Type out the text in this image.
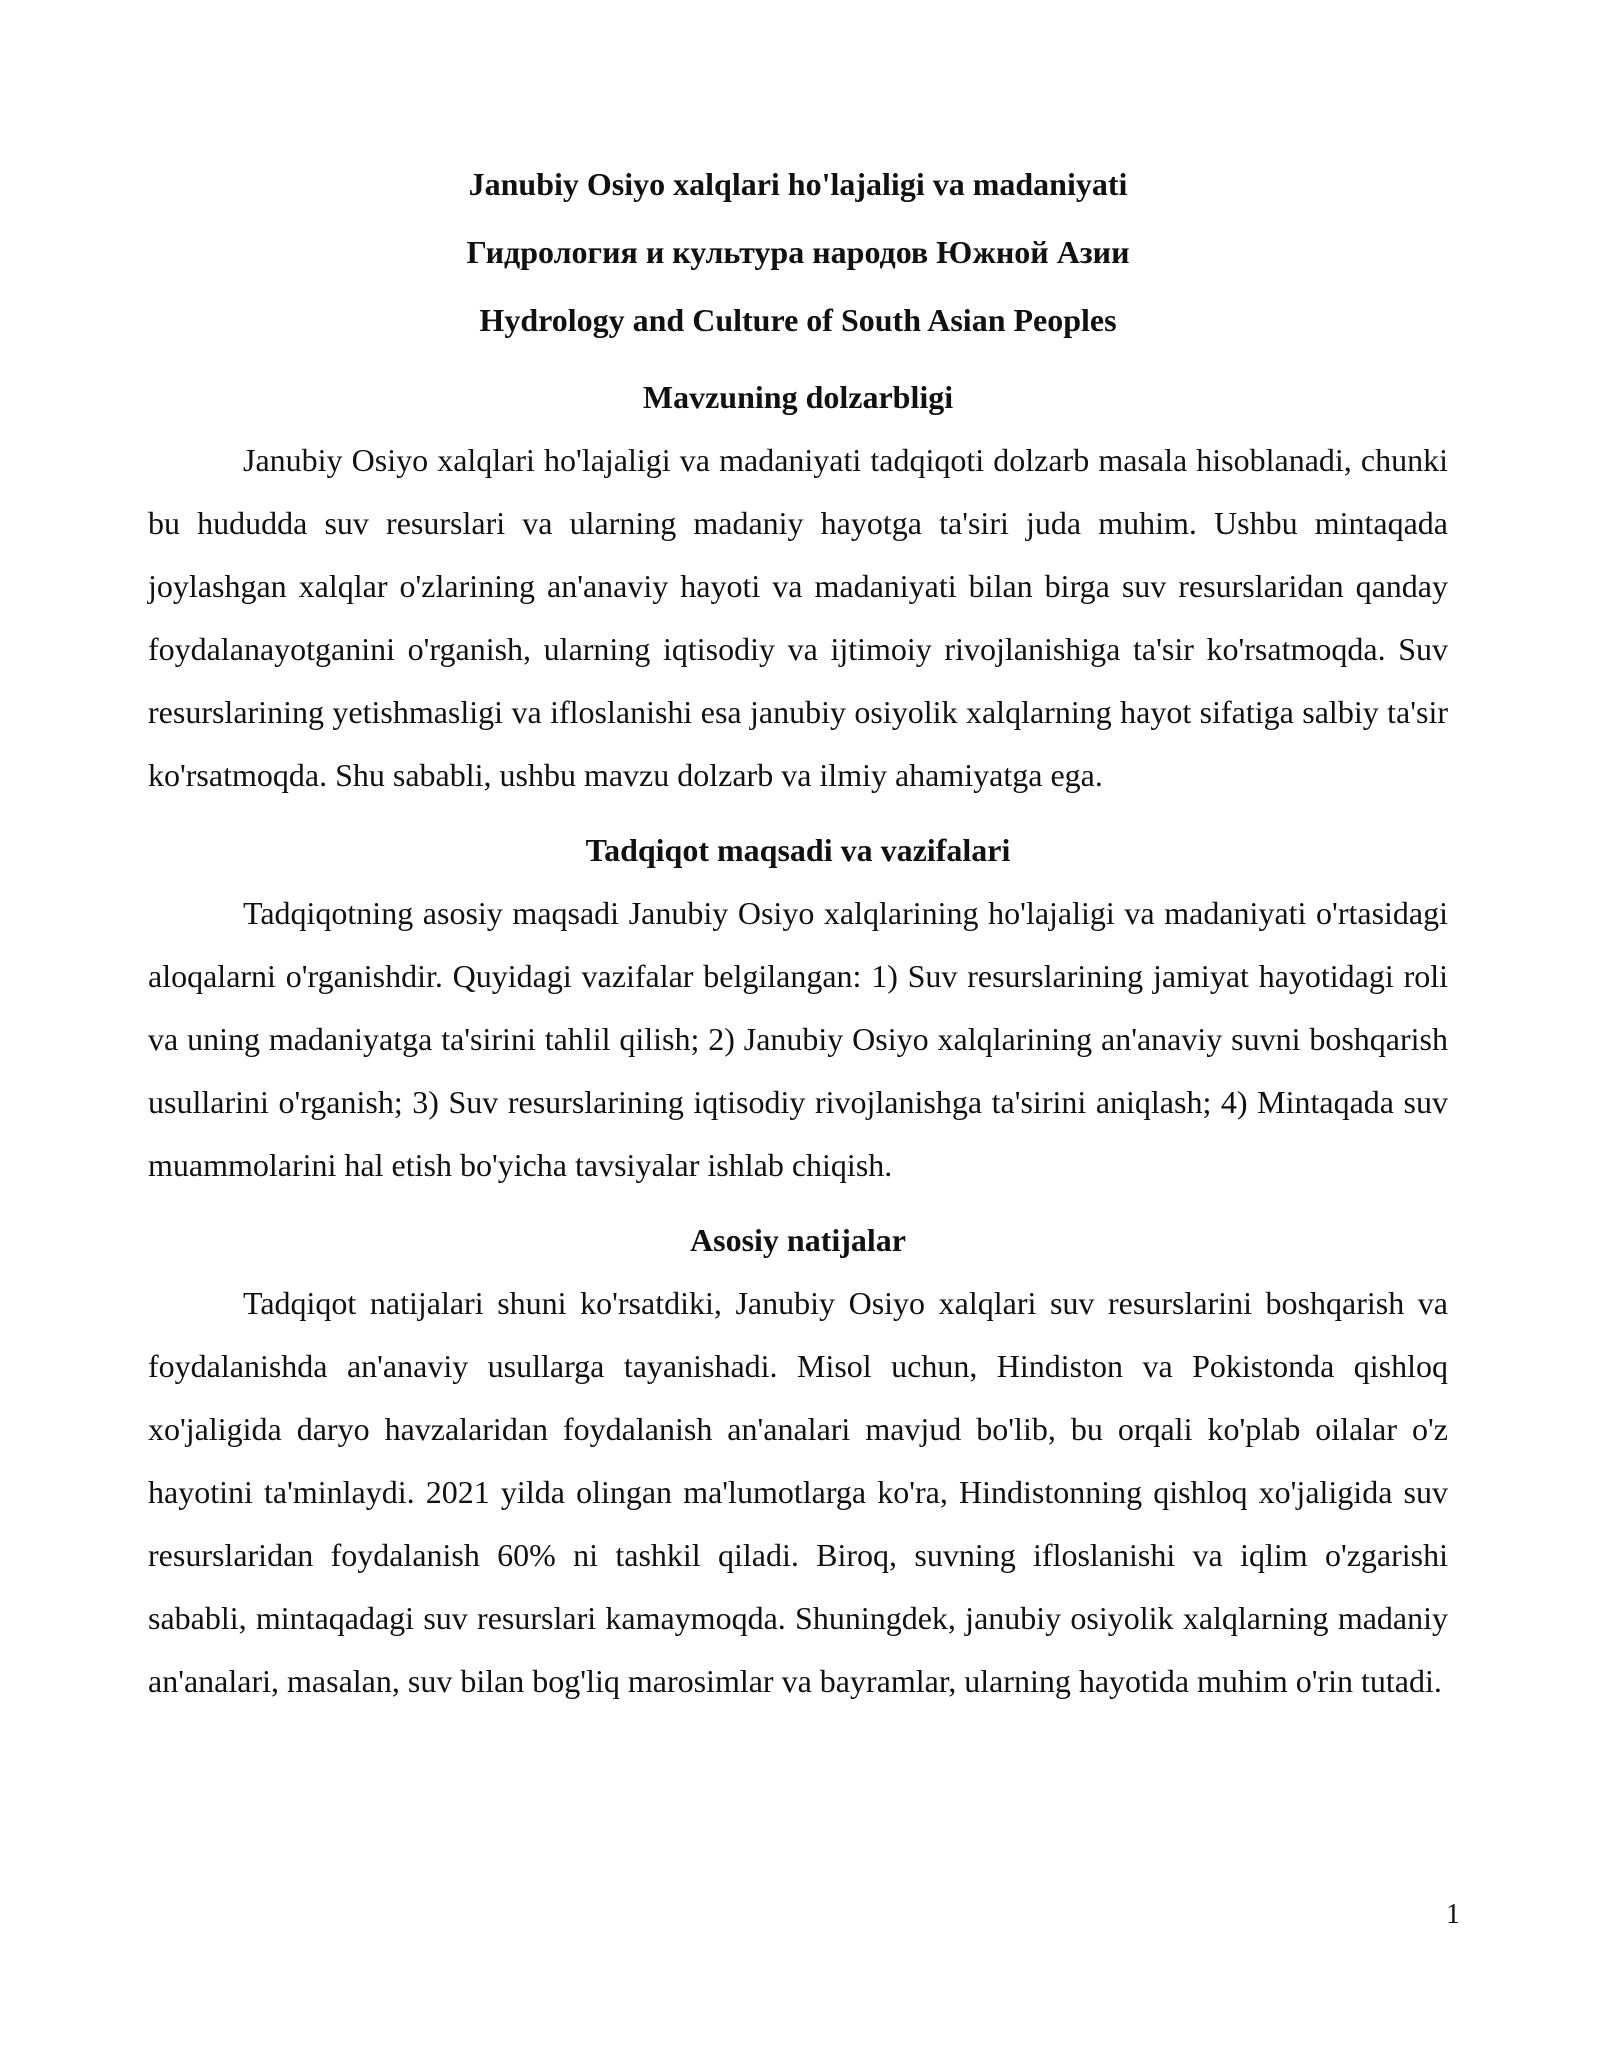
Janubiy Osiyo xalqlari ho'lajaligi va madaniyati

Гидрология и культура народов Южной Азии

Hydrology and Culture of South Asian Peoples

Mavzuning dolzarbligi

Janubiy Osiyo xalqlari ho'lajaligi va madaniyati tadqiqoti dolzarb masala hisoblanadi, chunki bu hududda suv resurslari va ularning madaniy hayotga ta'siri juda muhim. Ushbu mintaqada joylashgan xalqlar o'zlarining an'anaviy hayoti va madaniyati bilan birga suv resurslaridan qanday foydalanayotganini o'rganish, ularning iqtisodiy va ijtimoiy rivojlanishiga ta'sir ko'rsatmoqda. Suv resurslarining yetishmasligi va ifloslanishi esa janubiy osiyolik xalqlarning hayot sifatiga salbiy ta'sir ko'rsatmoqda. Shu sababli, ushbu mavzu dolzarb va ilmiy ahamiyatga ega.

Tadqiqot maqsadi va vazifalari

Tadqiqotning asosiy maqsadi Janubiy Osiyo xalqlarining ho'lajaligi va madaniyati o'rtasidagi aloqalarni o'rganishdir. Quyidagi vazifalar belgilangan: 1) Suv resurslarining jamiyat hayotidagi roli va uning madaniyatga ta'sirini tahlil qilish; 2) Janubiy Osiyo xalqlarining an'anaviy suvni boshqarish usullarini o'rganish; 3) Suv resurslarining iqtisodiy rivojlanishga ta'sirini aniqlash; 4) Mintaqada suv muammolarini hal etish bo'yicha tavsiyalar ishlab chiqish.

Asosiy natijalar

Tadqiqot natijalari shuni ko'rsatdiki, Janubiy Osiyo xalqlari suv resurslarini boshqarish va foydalanishda an'anaviy usullarga tayanishadi. Misol uchun, Hindiston va Pokistonda qishloq xo'jaligida daryo havzalaridan foydalanish an'analari mavjud bo'lib, bu orqali ko'plab oilalar o'z hayotini ta'minlaydi. 2021 yilda olingan ma'lumotlarga ko'ra, Hindistonning qishloq xo'jaligida suv resurslaridan foydalanish 60% ni tashkil qiladi. Biroq, suvning ifloslanishi va iqlim o'zgarishi sababli, mintaqadagi suv resurslari kamaymoqda. Shuningdek, janubiy osiyolik xalqlarning madaniy an'analari, masalan, suv bilan bog'liq marosimlar va bayramlar, ularning hayotida muhim o'rin tutadi.

1
